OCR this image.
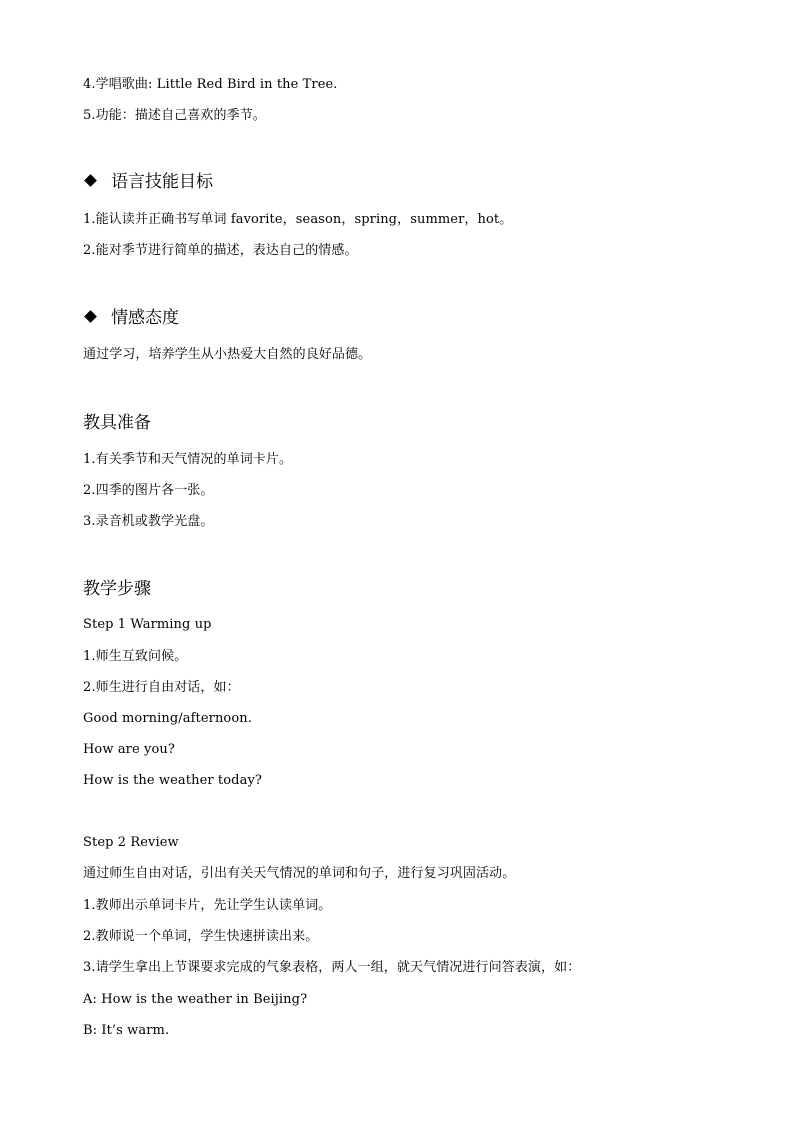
4.学唱歌曲: Little Red Bird in the Tree.
5.功能：描述自己喜欢的季节。
语言技能目标
1.能认读并正确书写单词 favorite，season，spring，summer，hot。
2.能对季节进行简单的描述，表达自己的情感。
情感态度
通过学习，培养学生从小热爱大自然的良好品德。
教具准备
1.有关季节和天气情况的单词卡片。
2.四季的图片各一张。
3.录音机或教学光盘。
教学步骤
Step 1 Warming up
1.师生互致问候。
2.师生进行自由对话，如：
Good morning/afternoon.
How are you?
How is the weather today?
Step 2 Review
通过师生自由对话，引出有关天气情况的单词和句子，进行复习巩固活动。
1.教师出示单词卡片，先让学生认读单词。
2.教师说一个单词，学生快速拼读出来。
3.请学生拿出上节课要求完成的气象表格，两人一组，就天气情况进行问答表演，如：
A: How is the weather in Beijing?
B: It’s warm.
